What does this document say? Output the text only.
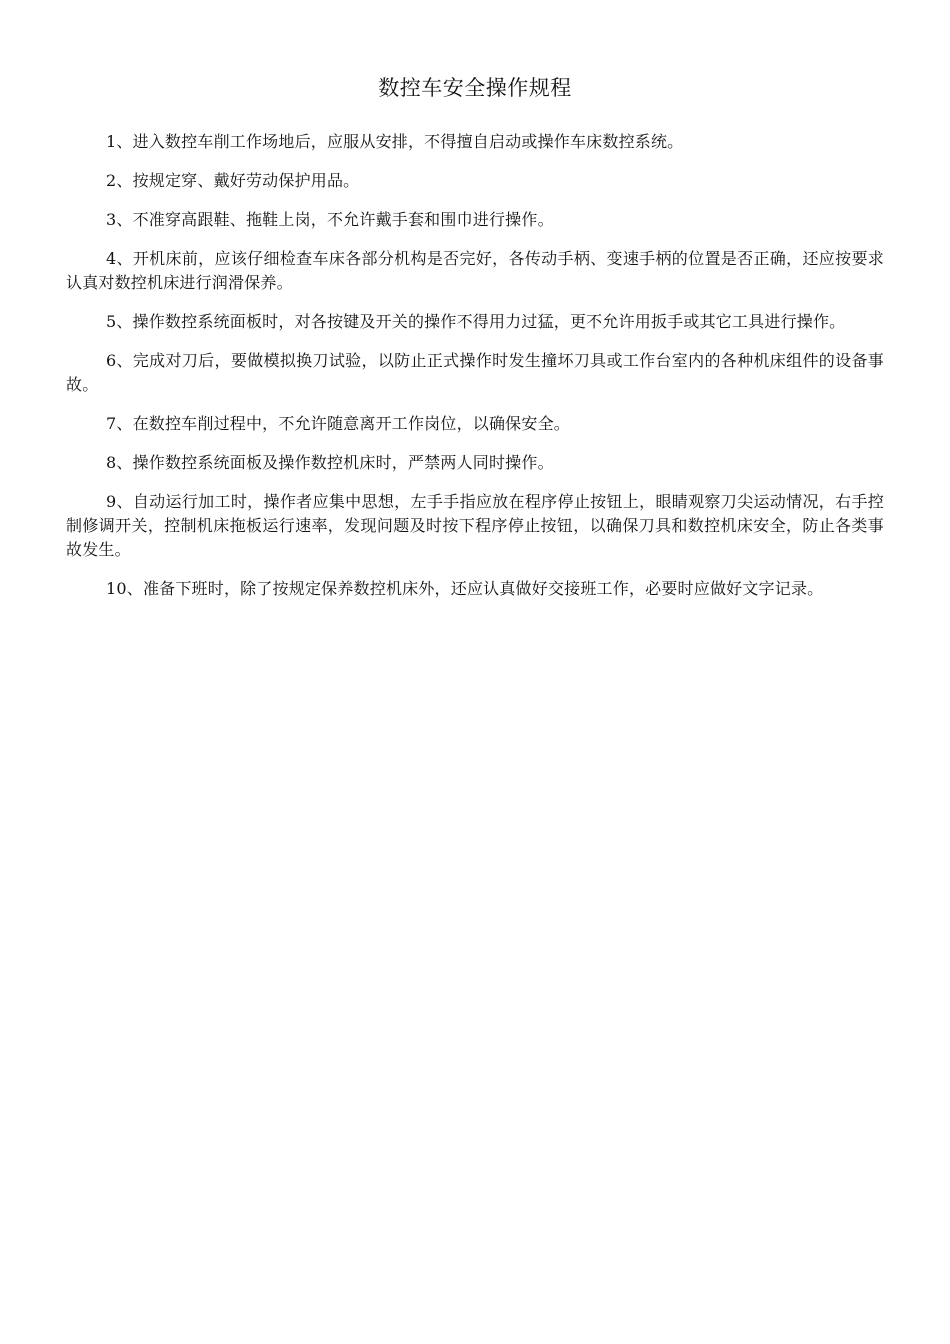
数控车安全操作规程

1、进入数控车削工作场地后，应服从安排，不得擅自启动或操作车床数控系统。

2、按规定穿、戴好劳动保护用品。

3、不准穿高跟鞋、拖鞋上岗，不允许戴手套和围巾进行操作。

4、开机床前，应该仔细检查车床各部分机构是否完好，各传动手柄、变速手柄的位置是否正确，还应按要求认真对数控机床进行润滑保养。

5、操作数控系统面板时，对各按键及开关的操作不得用力过猛，更不允许用扳手或其它工具进行操作。

6、完成对刀后，要做模拟换刀试验，以防止正式操作时发生撞坏刀具或工作台室内的各种机床组件的设备事故。

7、在数控车削过程中，不允许随意离开工作岗位，以确保安全。

8、操作数控系统面板及操作数控机床时，严禁两人同时操作。

9、自动运行加工时，操作者应集中思想，左手手指应放在程序停止按钮上，眼睛观察刀尖运动情况，右手控制修调开关，控制机床拖板运行速率，发现问题及时按下程序停止按钮，以确保刀具和数控机床安全，防止各类事故发生。

10、准备下班时，除了按规定保养数控机床外，还应认真做好交接班工作，必要时应做好文字记录。
